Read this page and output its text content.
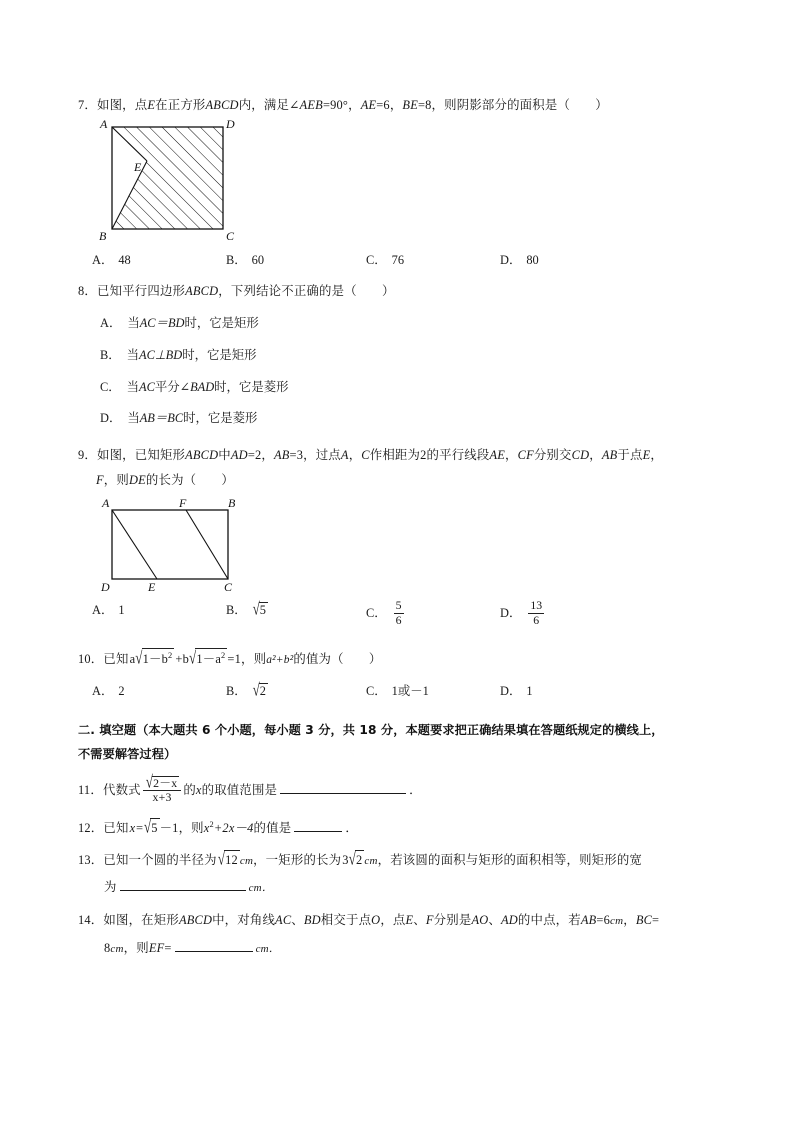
7．如图，点E在正方形ABCD内，满足∠AEB=90°，AE=6，BE=8，则阴影部分的面积是（　　）
A	D
B	C
E
A． 48	B． 60	C． 76	D． 80
8．已知平行四边形ABCD，下列结论不正确的是（　　）
A． 当AC＝BD时，它是矩形
B． 当AC⊥BD时，它是矩形
C． 当AC平分∠BAD时，它是菱形
D． 当AB＝BC时，它是菱形
9．如图，已知矩形ABCD中AD=2，AB=3，过点A，C作相距为2的平行线段AE，CF分别交CD，AB于点E，
F，则DE的长为（　　）
A	F	B
D	E	C
A． 1	B． √5	C． $\frac{5}{6}$	D． $\frac{13}{6}$
10．已知$a√1-b^2 +b√1-a^2 =1$，则a²+b²的值为（　　）
A． 2	B． √2	C． 1或－1	D． 1
二. 填空题（本大题共 6 个小题，每小题 3 分，共 18 分，本题要求把正确结果填在答题纸规定的横线上，
不需要解答过程）
11．代数式 $\frac{√2-x}{x+3}$ 的x的取值范围是	．
12．已知x=√5 －1，则$x^2+2x-4$的值是	．
13．已知一个圆的半径为√12 cm，一矩形的长为3√2 cm，若该圆的面积与矩形的面积相等，则矩形的宽
为	cm．
14．如图，在矩形ABCD中，对角线AC、BD相交于点O，点E、F分别是AO、AD的中点，若AB=6cm，BC=
8cm，则EF=	cm．
